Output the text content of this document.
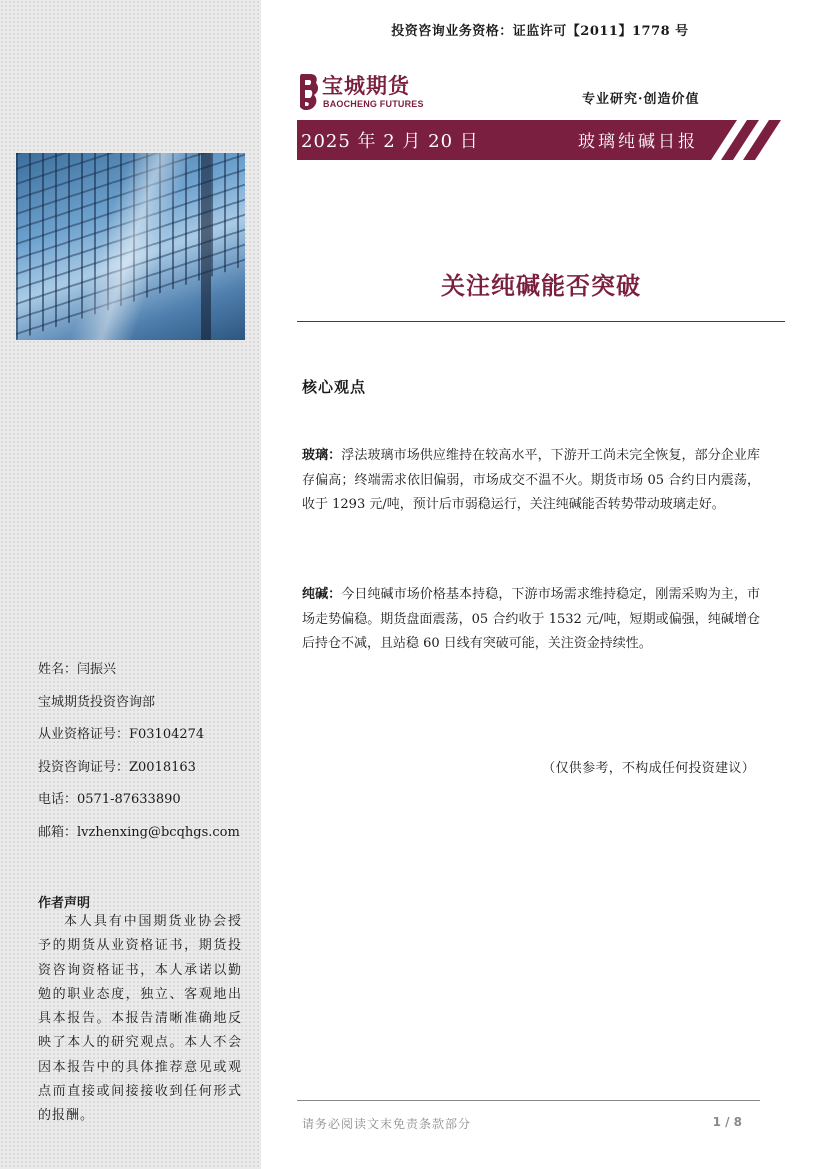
姓名：闫振兴
宝城期货投资咨询部
从业资格证号：F03104274
投资咨询证号：Z0018163
电话：0571-87633890
邮箱：lvzhenxing@bcqhgs.com
作者声明
本人具有中国期货业协会授予的期货从业资格证书，期货投资咨询资格证书，本人承诺以勤勉的职业态度，独立、客观地出具本报告。本报告清晰准确地反映了本人的研究观点。本人不会因本报告中的具体推荐意见或观点而直接或间接接收到任何形式的报酬。
投资咨询业务资格：证监许可【2011】1778 号
宝城期货
BAOCHENG FUTURES	专业研究·创造价值
2025 年 2 月 20 日	玻璃纯碱日报
关注纯碱能否突破
核心观点
玻璃：浮法玻璃市场供应维持在较高水平，下游开工尚未完全恢复，部分企业库存偏高；终端需求依旧偏弱，市场成交不温不火。期货市场 05 合约日内震荡，收于 1293 元/吨，预计后市弱稳运行，关注纯碱能否转势带动玻璃走好。
纯碱：今日纯碱市场价格基本持稳，下游市场需求维持稳定，刚需采购为主，市场走势偏稳。期货盘面震荡，05 合约收于 1532 元/吨，短期或偏强，纯碱增仓后持仓不减，且站稳 60 日线有突破可能，关注资金持续性。
（仅供参考，不构成任何投资建议）
请务必阅读文末免责条款部分	1 / 8
